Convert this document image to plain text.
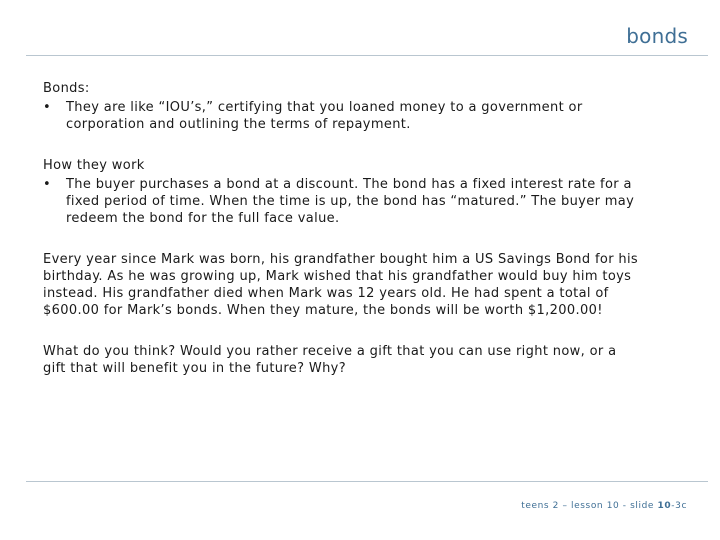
bonds

Bonds:

•	They are like “IOU’s,” certifying that you loaned money to a government or corporation and outlining the terms of repayment.

How they work

•	The buyer purchases a bond at a discount. The bond has a fixed interest rate for a fixed period of time. When the time is up, the bond has “matured.” The buyer may redeem the bond for the full face value.

Every year since Mark was born, his grandfather bought him a US Savings Bond for his birthday. As he was growing up, Mark wished that his grandfather would buy him toys instead. His grandfather died when Mark was 12 years old. He had spent a total of $600.00 for Mark’s bonds. When they mature, the bonds will be worth $1,200.00!

What do you think? Would you rather receive a gift that you can use right now, or a gift that will benefit you in the future? Why?

teens 2 – lesson 10 - slide 10-3c
